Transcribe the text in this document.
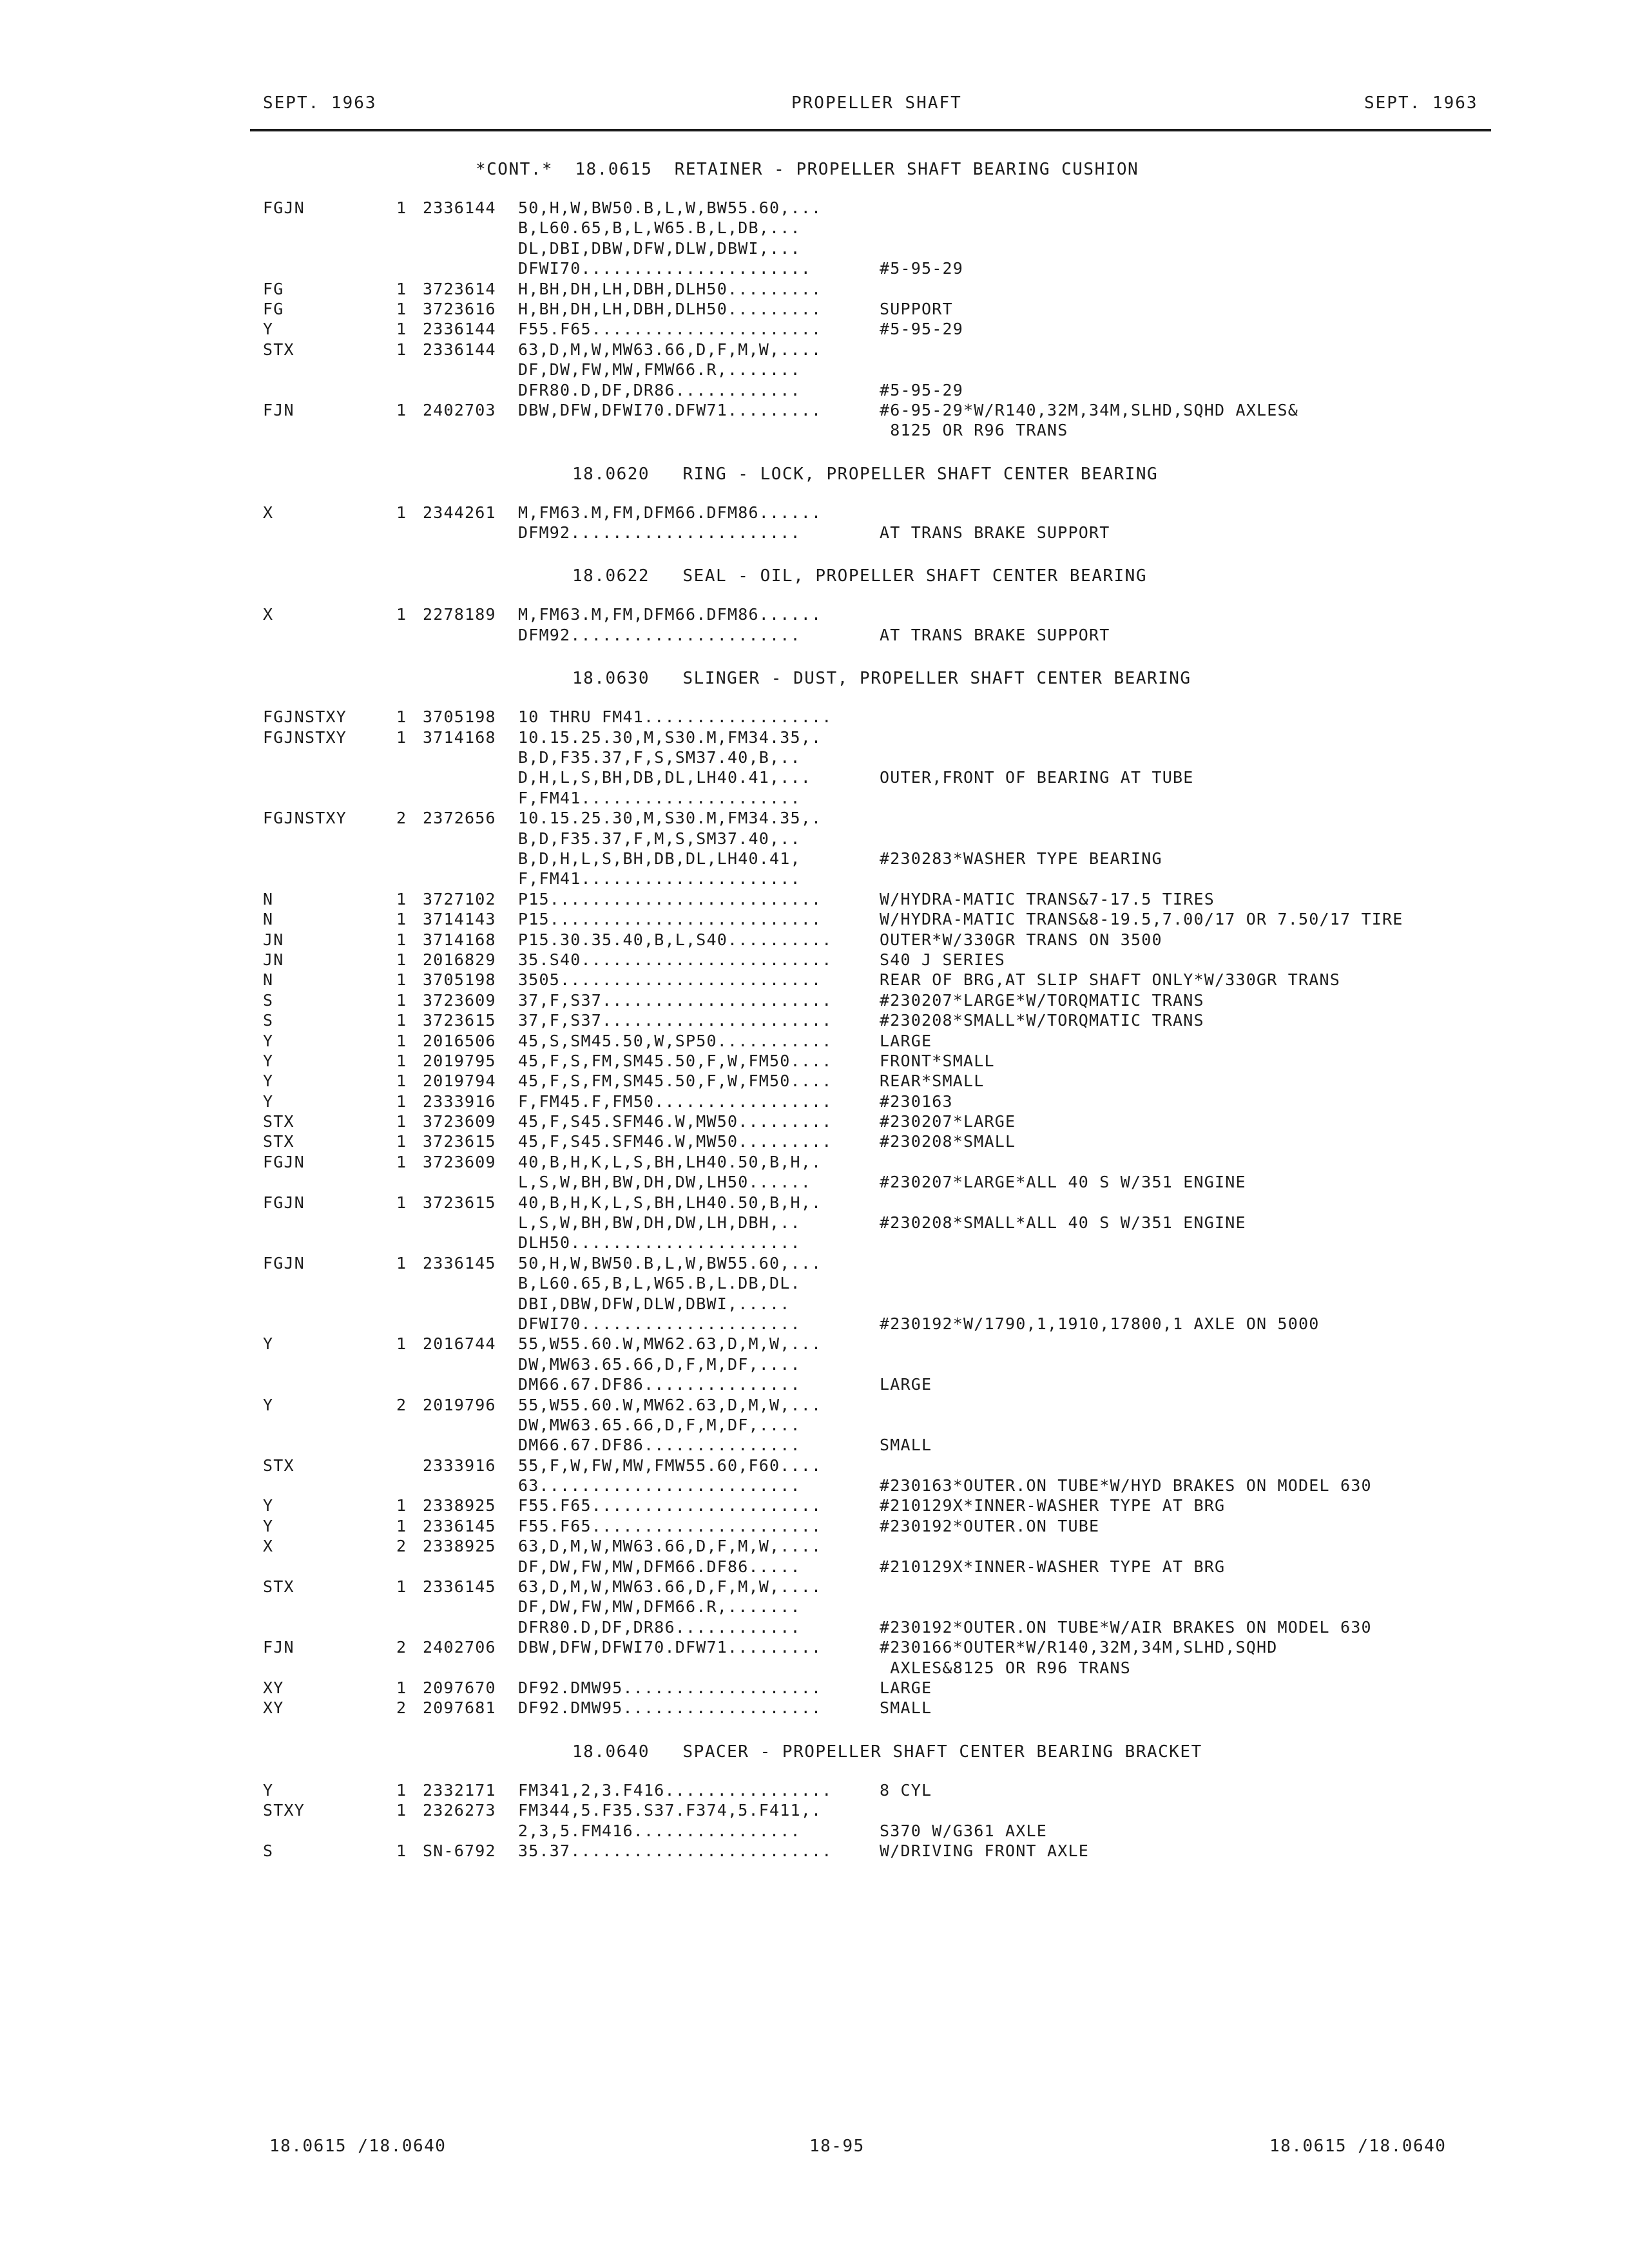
SEPT. 1963	PROPELLER SHAFT	SEPT. 1963
*CONT.*  18.0615  RETAINER - PROPELLER SHAFT BEARING CUSHION
FGJN	1 2336144 50,H,W,BW50.B,L,W,BW55.60,...
B,L60.65,B,L,W65.B,L,DB,...
DL,DBI,DBW,DFW,DLW,DBWI,...
DFWI70......................	#5-95-29
FG	1 3723614 H,BH,DH,LH,DBH,DLH50.........
FG	1 3723616 H,BH,DH,LH,DBH,DLH50.........	SUPPORT
Y	1 2336144 F55.F65......................	#5-95-29
STX	1 2336144 63,D,M,W,MW63.66,D,F,M,W,....
DF,DW,FW,MW,FMW66.R,.......
DFR80.D,DF,DR86............	#5-95-29
FJN	1 2402703 DBW,DFW,DFWI70.DFW71.........	#6-95-29*W/R140,32M,34M,SLHD,SQHD AXLES&
8125 OR R96 TRANS
18.0620   RING - LOCK, PROPELLER SHAFT CENTER BEARING
X	1 2344261 M,FM63.M,FM,DFM66.DFM86......
DFM92......................	AT TRANS BRAKE SUPPORT
18.0622   SEAL - OIL, PROPELLER SHAFT CENTER BEARING
X	1 2278189 M,FM63.M,FM,DFM66.DFM86......
DFM92......................	AT TRANS BRAKE SUPPORT
18.0630   SLINGER - DUST, PROPELLER SHAFT CENTER BEARING
FGJNSTXY	1 3705198 10 THRU FM41..................
FGJNSTXY	1 3714168 10.15.25.30,M,S30.M,FM34.35,.
B,D,F35.37,F,S,SM37.40,B,..
D,H,L,S,BH,DB,DL,LH40.41,...	OUTER,FRONT OF BEARING AT TUBE
F,FM41.....................
FGJNSTXY	2 2372656 10.15.25.30,M,S30.M,FM34.35,.
B,D,F35.37,F,M,S,SM37.40,..
B,D,H,L,S,BH,DB,DL,LH40.41,	#230283*WASHER TYPE BEARING
F,FM41.....................
N	1 3727102 P15..........................	W/HYDRA-MATIC TRANS&7-17.5 TIRES
N	1 3714143 P15..........................	W/HYDRA-MATIC TRANS&8-19.5,7.00/17 OR 7.50/17 TIRE
JN	1 3714168 P15.30.35.40,B,L,S40..........	OUTER*W/330GR TRANS ON 3500
JN	1 2016829 35.S40........................	S40 J SERIES
N	1 3705198 3505.........................	REAR OF BRG,AT SLIP SHAFT ONLY*W/330GR TRANS
S	1 3723609 37,F,S37......................	#230207*LARGE*W/TORQMATIC TRANS
S	1 3723615 37,F,S37......................	#230208*SMALL*W/TORQMATIC TRANS
Y	1 2016506 45,S,SM45.50,W,SP50...........	LARGE
Y	1 2019795 45,F,S,FM,SM45.50,F,W,FM50....	FRONT*SMALL
Y	1 2019794 45,F,S,FM,SM45.50,F,W,FM50....	REAR*SMALL
Y	1 2333916 F,FM45.F,FM50.................	#230163
STX	1 3723609 45,F,S45.SFM46.W,MW50.........	#230207*LARGE
STX	1 3723615 45,F,S45.SFM46.W,MW50.........	#230208*SMALL
FGJN	1 3723609 40,B,H,K,L,S,BH,LH40.50,B,H,.
L,S,W,BH,BW,DH,DW,LH50......	#230207*LARGE*ALL 40 S W/351 ENGINE
FGJN	1 3723615 40,B,H,K,L,S,BH,LH40.50,B,H,.
L,S,W,BH,BW,DH,DW,LH,DBH,..	#230208*SMALL*ALL 40 S W/351 ENGINE
DLH50......................
FGJN	1 2336145 50,H,W,BW50.B,L,W,BW55.60,...
B,L60.65,B,L,W65.B,L.DB,DL.
DBI,DBW,DFW,DLW,DBWI,.....
DFWI70.....................	#230192*W/1790,1,1910,17800,1 AXLE ON 5000
Y	1 2016744 55,W55.60.W,MW62.63,D,M,W,...
DW,MW63.65.66,D,F,M,DF,....
DM66.67.DF86...............	LARGE
Y	2 2019796 55,W55.60.W,MW62.63,D,M,W,...
DW,MW63.65.66,D,F,M,DF,....
DM66.67.DF86...............	SMALL
STX	2333916 55,F,W,FW,MW,FMW55.60,F60....
63.........................	#230163*OUTER.ON TUBE*W/HYD BRAKES ON MODEL 630
Y	1 2338925 F55.F65......................	#210129X*INNER-WASHER TYPE AT BRG
Y	1 2336145 F55.F65......................	#230192*OUTER.ON TUBE
X	2 2338925 63,D,M,W,MW63.66,D,F,M,W,....
DF,DW,FW,MW,DFM66.DF86.....	#210129X*INNER-WASHER TYPE AT BRG
STX	1 2336145 63,D,M,W,MW63.66,D,F,M,W,....
DF,DW,FW,MW,DFM66.R,.......
DFR80.D,DF,DR86............	#230192*OUTER.ON TUBE*W/AIR BRAKES ON MODEL 630
FJN	2 2402706 DBW,DFW,DFWI70.DFW71.........	#230166*OUTER*W/R140,32M,34M,SLHD,SQHD
AXLES&8125 OR R96 TRANS
XY	1 2097670 DF92.DMW95...................	LARGE
XY	2 2097681 DF92.DMW95...................	SMALL
18.0640   SPACER - PROPELLER SHAFT CENTER BEARING BRACKET
Y	1 2332171 FM341,2,3.F416................	8 CYL
STXY	1 2326273 FM344,5.F35.S37.F374,5.F411,.
2,3,5.FM416................	S370 W/G361 AXLE
S	1 SN-6792 35.37.........................	W/DRIVING FRONT AXLE
18.0615 /18.0640	18-95	18.0615 /18.0640
